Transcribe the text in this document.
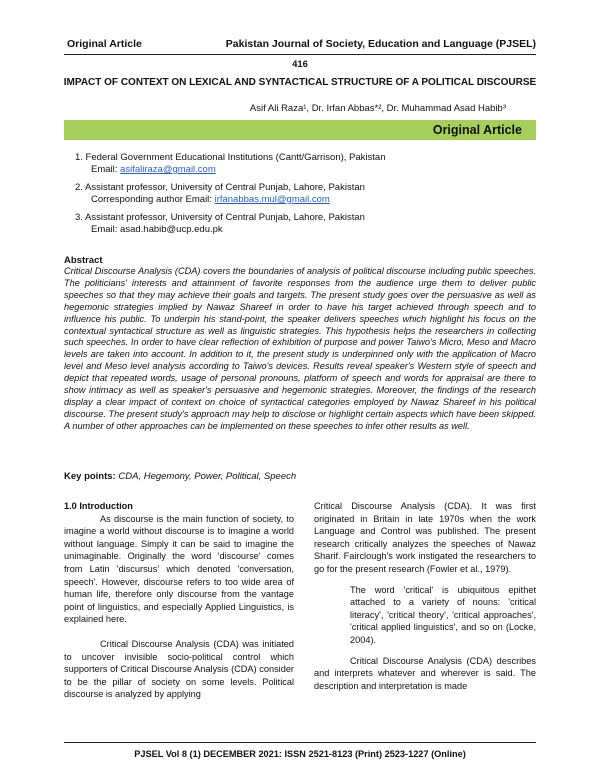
Original Article	Pakistan Journal of Society, Education and Language (PJSEL)
416
IMPACT OF CONTEXT ON LEXICAL AND SYNTACTICAL STRUCTURE OF A POLITICAL DISCOURSE
Asif Ali Raza¹, Dr. Irfan Abbas*², Dr. Muhammad Asad Habib³
Original Article
1. Federal Government Educational Institutions (Cantt/Garrison), Pakistan
Email: asifaliraza@gmail.com
2. Assistant professor, University of Central Punjab, Lahore, Pakistan
Corresponding author Email: irfanabbas.mul@gmail.com
3. Assistant professor, University of Central Punjab, Lahore, Pakistan
Email: asad.habib@ucp.edu.pk
Abstract
Critical Discourse Analysis (CDA) covers the boundaries of analysis of political discourse including public speeches. The politicians' interests and attainment of favorite responses from the audience urge them to deliver public speeches so that they may achieve their goals and targets. The present study goes over the persuasive as well as hegemonic strategies implied by Nawaz Shareef in order to have his target achieved through speech and to influence his public. To underpin his stand-point, the speaker delivers speeches which highlight his focus on the contextual syntactical structure as well as linguistic strategies. This hypothesis helps the researchers in collecting such speeches. In order to have clear reflection of exhibition of purpose and power Taiwo's Micro, Meso and Macro levels are taken into account. In addition to it, the present study is underpinned only with the application of Macro level and Meso level analysis according to Taiwo's devices. Results reveal speaker's Western style of speech and depict that repeated words, usage of personal pronouns, platform of speech and words for appraisal are there to show intimacy as well as speaker's persuasive and hegemonic strategies. Moreover, the findings of the research display a clear impact of context on choice of syntactical categories employed by Nawaz Shareef in his political discourse. The present study's approach may help to disclose or highlight certain aspects which have been skipped. A number of other approaches can be implemented on these speeches to infer other results as well.
Key points: CDA, Hegemony, Power, Political, Speech

1.0 Introduction

As discourse is the main function of society, to imagine a world without discourse is to imagine a world without language. Simply it can be said to imagine the unimaginable. Originally the word 'discourse' comes from Latin 'discursus' which denoted 'conversation, speech'. However, discourse refers to too wide area of human life, therefore only discourse from the vantage point of linguistics, and especially Applied Linguistics, is explained here.

Critical Discourse Analysis (CDA) was initiated to uncover invisible socio-political control which supporters of Critical Discourse Analysis (CDA) consider to be the pillar of society on some levels. Political discourse is analyzed by applying

Critical Discourse Analysis (CDA). It was first originated in Britain in late 1970s when the work Language and Control was published. The present research critically analyzes the speeches of Nawaz Sharif. Fairclough's work instigated the researchers to go for the present research (Fowler et al., 1979).

The word 'critical' is ubiquitous epithet attached to a variety of nouns: 'critical literacy', 'critical theory', 'critical approaches', 'critical applied linguistics', and so on (Locke, 2004).

Critical Discourse Analysis (CDA) describes and interprets whatever and wherever is said. The description and interpretation is made

PJSEL Vol 8 (1) DECEMBER 2021: ISSN 2521-8123 (Print) 2523-1227 (Online)
